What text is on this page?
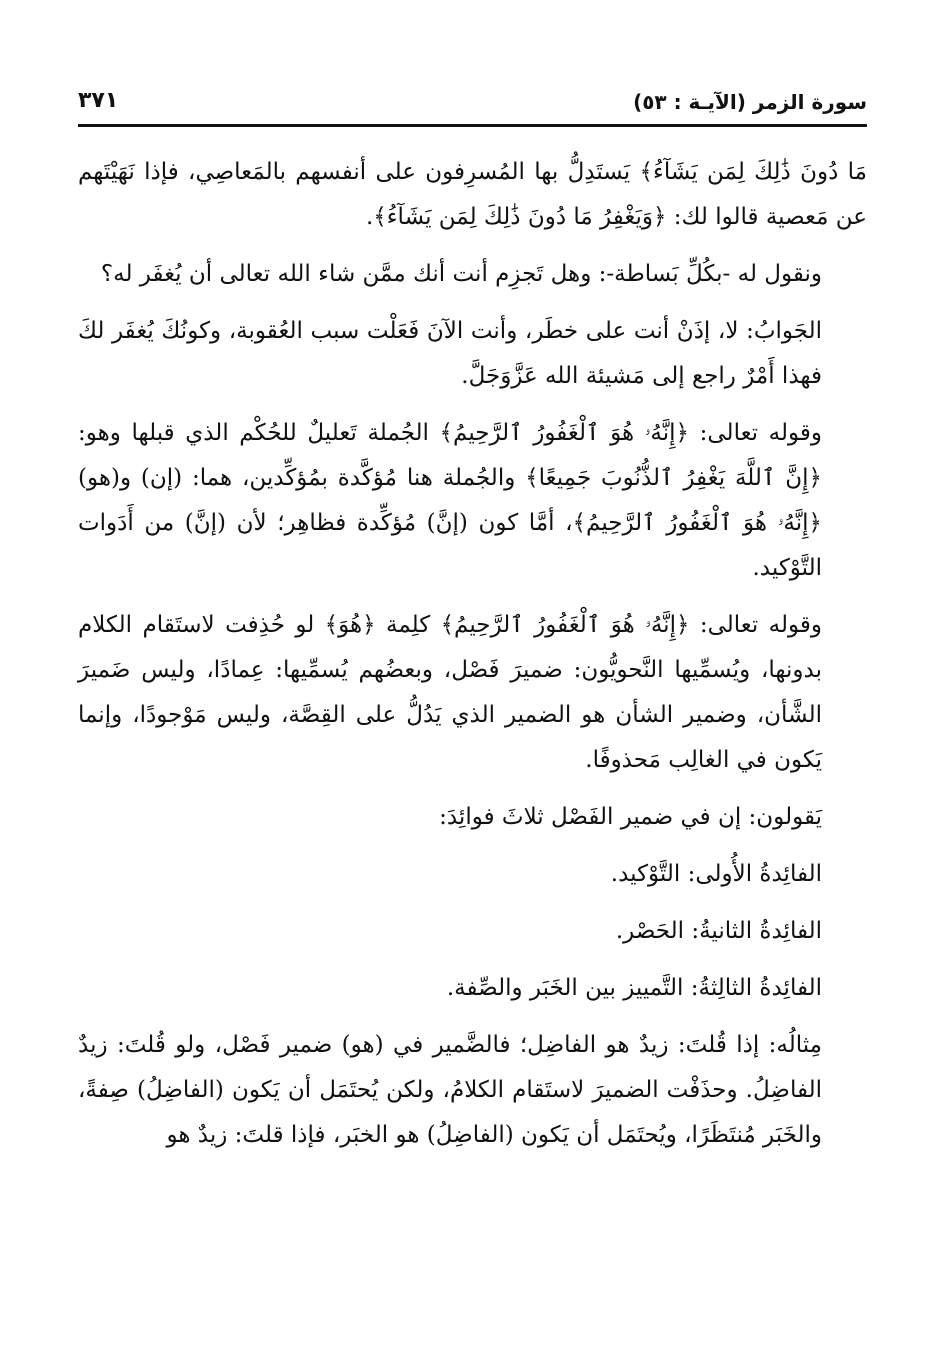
سورة الزمر (الآيـة : ٥٣)
٣٧١

مَا دُونَ ذَٰلِكَ لِمَن يَشَآءُ﴾ يَستَدِلُّ بها المُسرِفون على أنفسهم بالمَعاصِي، فإذا نَهَيْتَهم عن مَعصية قالوا لك: ﴿وَيَغْفِرُ مَا دُونَ ذَٰلِكَ لِمَن يَشَآءُ﴾.

ونقول له -بكُلِّ بَساطة-: وهل تَجزِم أنت أنك ممَّن شاء الله تعالى أن يُغفَر له؟

الجَوابُ: لا، إذَنْ أنت على خطَر، وأنت الآنَ فَعَلْت سبب العُقوبة، وكونُكَ يُغفَر لكَ فهذا أَمْرٌ راجع إلى مَشيئة الله عَزَّوَجَلَّ.

وقوله تعالى: ﴿إِنَّهُۥ هُوَ ٱلْغَفُورُ ٱلرَّحِيمُ﴾ الجُملة تَعليلٌ للحُكْم الذي قبلها وهو: ﴿إِنَّ ٱللَّهَ يَغْفِرُ ٱلذُّنُوبَ جَمِيعًا﴾ والجُملة هنا مُؤكَّدة بمُؤكِّدين، هما: (إن) و(هو) ﴿إِنَّهُۥ هُوَ ٱلْغَفُورُ ٱلرَّحِيمُ﴾، أمَّا كون (إنَّ) مُؤكِّدة فظاهِر؛ لأن (إنَّ) من أَدَوات التَّوْكيد.

وقوله تعالى: ﴿إِنَّهُۥ هُوَ ٱلْغَفُورُ ٱلرَّحِيمُ﴾ كلِمة ﴿هُوَ﴾ لو حُذِفت لاستَقام الكلام بدونها، ويُسمِّيها النَّحويُّون: ضميرَ فَصْل، وبعضُهم يُسمِّيها: عِمادًا، وليس ضَميرَ الشَّأن، وضمير الشأن هو الضمير الذي يَدُلُّ على القِصَّة، وليس مَوْجودًا، وإنما يَكون في الغالِب مَحذوفًا.

يَقولون: إن في ضمير الفَصْل ثلاثَ فوائِدَ:

الفائِدةُ الأُولى: التَّوْكيد.

الفائِدةُ الثانيةُ: الحَصْر.

الفائِدةُ الثالِثةُ: التَّمييز بين الخَبَر والصِّفة.

مِثالُه: إذا قُلتَ: زيدٌ هو الفاضِل؛ فالضَّمير في (هو) ضمير فَصْل، ولو قُلتَ: زيدٌ الفاضِلُ. وحذَفْت الضميرَ لاستَقام الكلامُ، ولكن يُحتَمَل أن يَكون (الفاضِلُ) صِفةً، والخَبَر مُنتَظَرًا، ويُحتَمَل أن يَكون (الفاضِلُ) هو الخبَر، فإذا قلتَ: زيدٌ هو
